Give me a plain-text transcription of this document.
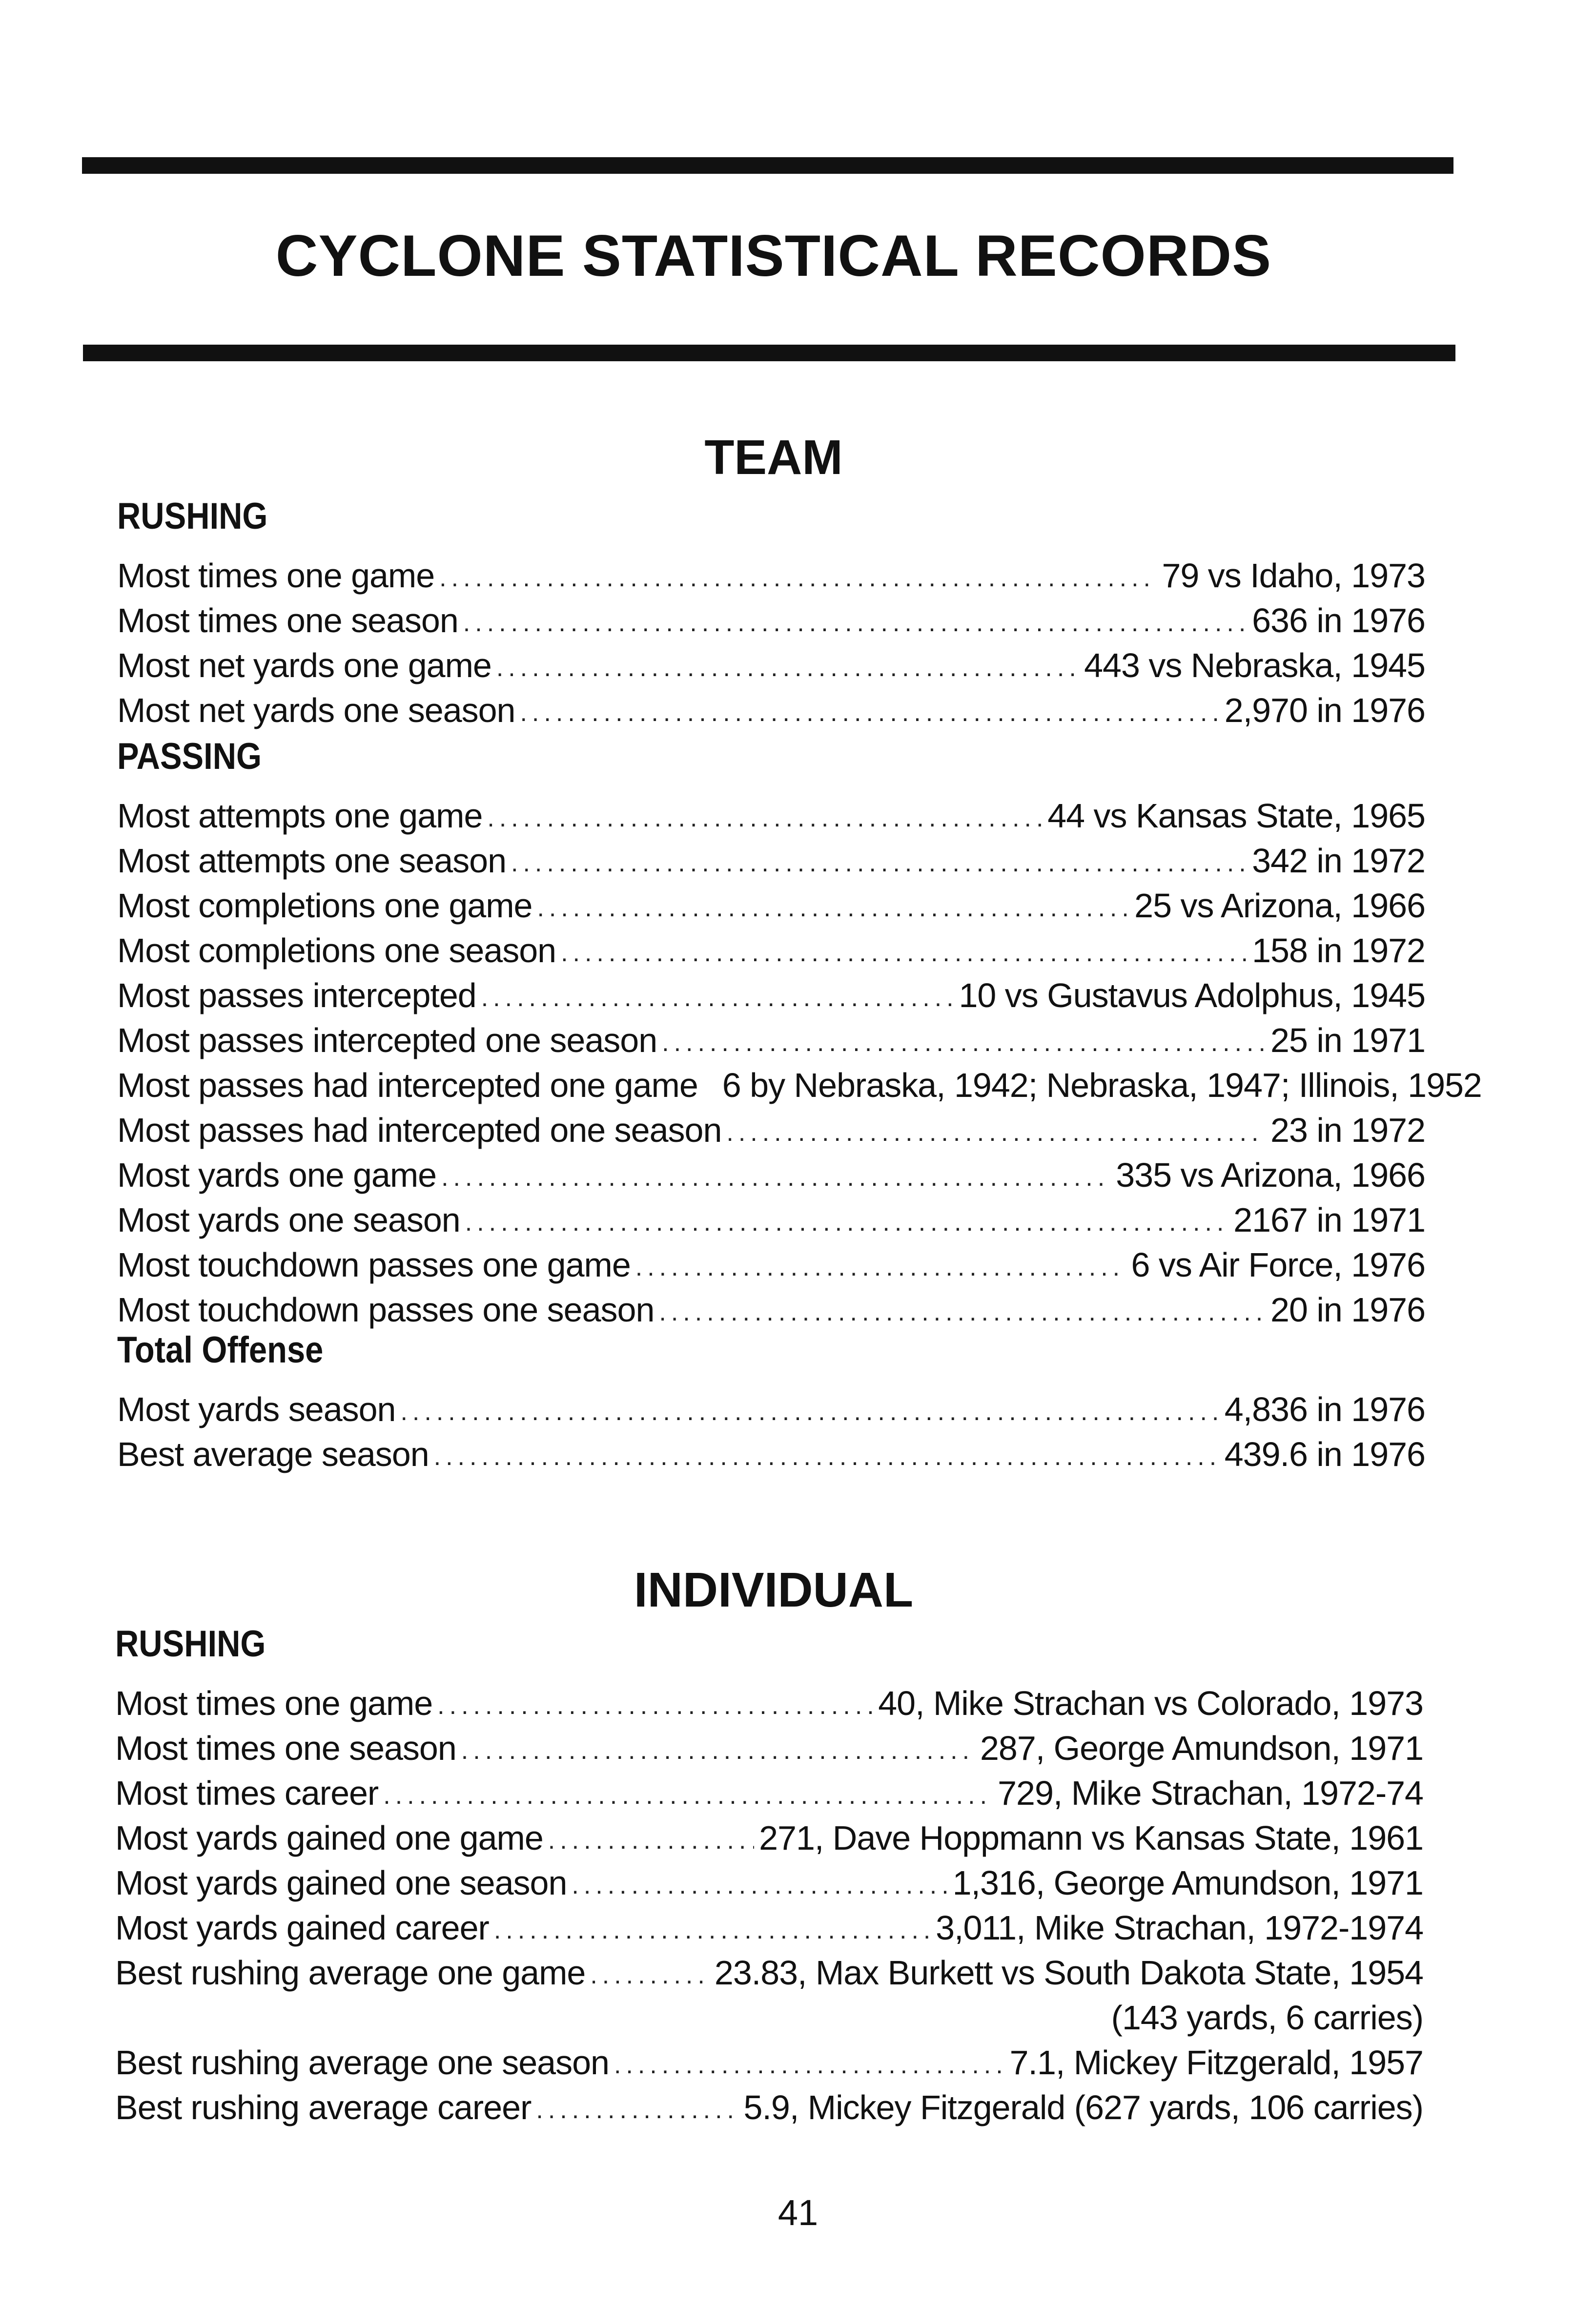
CYCLONE STATISTICAL RECORDS
TEAM
RUSHING
Most times one game .....	79 vs Idaho, 1973
Most times one season .....	636 in 1976
Most net yards one game .....	443 vs Nebraska, 1945
Most net yards one season .....	2,970 in 1976
PASSING
Most attempts one game .....	44 vs Kansas State, 1965
Most attempts one season .....	342 in 1972
Most completions one game .....	25 vs Arizona, 1966
Most completions one season .....	158 in 1972
Most passes intercepted .....	10 vs Gustavus Adolphus, 1945
Most passes intercepted one season .....	25 in 1971
Most passes had intercepted one game 6 by Nebraska, 1942; Nebraska, 1947; Illinois, 1952
Most passes had intercepted one season .....	23 in 1972
Most yards one game .....	335 vs Arizona, 1966
Most yards one season .....	2167 in 1971
Most touchdown passes one game .....	6 vs Air Force, 1976
Most touchdown passes one season .....	20 in 1976
Total Offense
Most yards season .....	4,836 in 1976
Best average season .....	439.6 in 1976
INDIVIDUAL
RUSHING
Most times one game .....	40, Mike Strachan vs Colorado, 1973
Most times one season .....	287, George Amundson, 1971
Most times career .....	729, Mike Strachan, 1972-74
Most yards gained one game .....	271, Dave Hoppmann vs Kansas State, 1961
Most yards gained one season .....	1,316, George Amundson, 1971
Most yards gained career .....	3,011, Mike Strachan, 1972-1974
Best rushing average one game .....	23.83, Max Burkett vs South Dakota State, 1954
(143 yards, 6 carries)
Best rushing average one season .....	7.1, Mickey Fitzgerald, 1957
Best rushing average career .....	5.9, Mickey Fitzgerald (627 yards, 106 carries)
41
